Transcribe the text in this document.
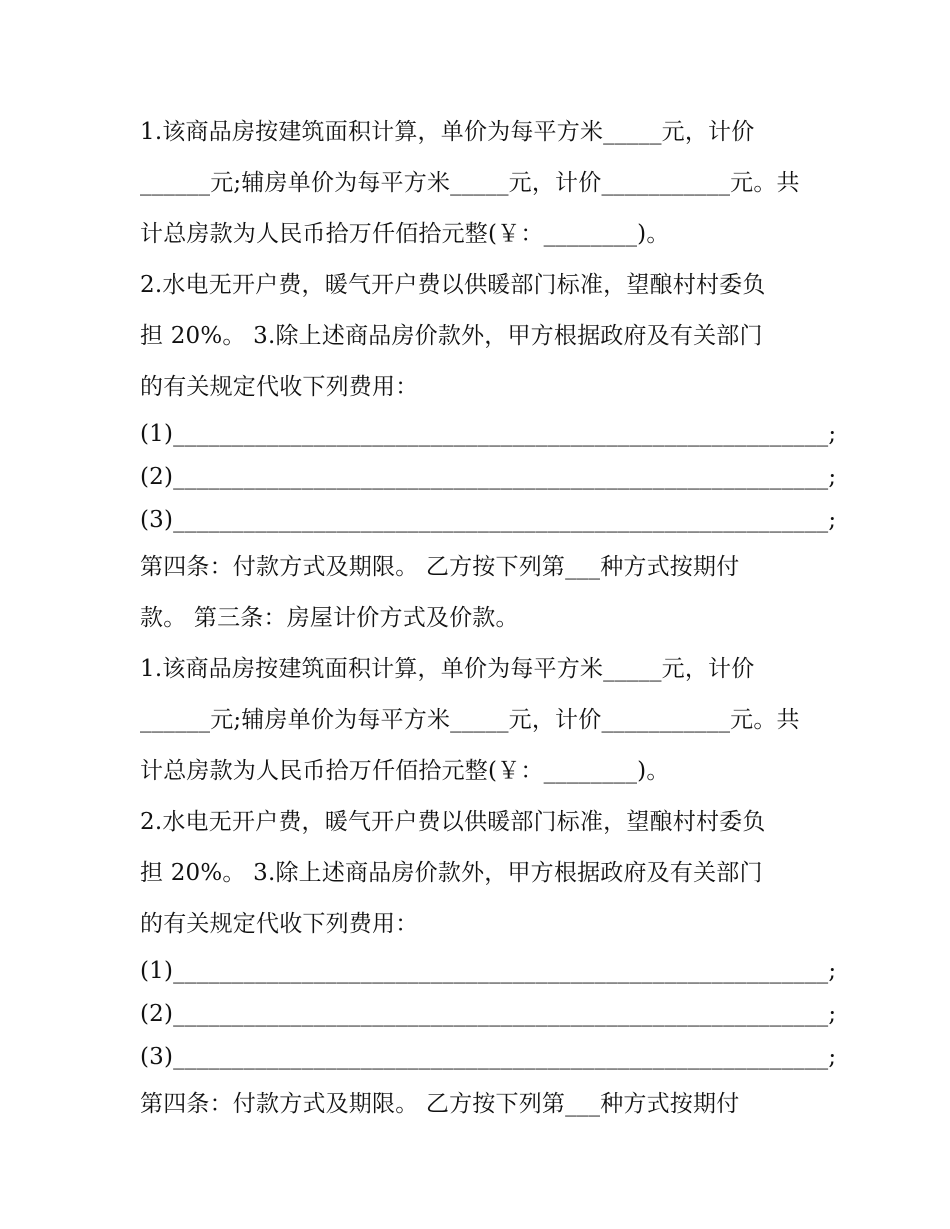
1.该商品房按建筑面积计算，单价为每平方米_____元，计价
______元;辅房单价为每平方米_____元，计价___________元。共
计总房款为人民币拾万仟佰拾元整(￥：________)。
2.水电无开户费，暖气开户费以供暖部门标准，望酿村村委负
担 20%。 3.除上述商品房价款外，甲方根据政府及有关部门
的有关规定代收下列费用：
(1)________________________________________________________;
(2)________________________________________________________;
(3)________________________________________________________;
第四条：付款方式及期限。 乙方按下列第___种方式按期付
款。 第三条：房屋计价方式及价款。
1.该商品房按建筑面积计算，单价为每平方米_____元，计价
______元;辅房单价为每平方米_____元，计价___________元。共
计总房款为人民币拾万仟佰拾元整(￥：________)。
2.水电无开户费，暖气开户费以供暖部门标准，望酿村村委负
担 20%。 3.除上述商品房价款外，甲方根据政府及有关部门
的有关规定代收下列费用：
(1)________________________________________________________;
(2)________________________________________________________;
(3)________________________________________________________;
第四条：付款方式及期限。 乙方按下列第___种方式按期付
